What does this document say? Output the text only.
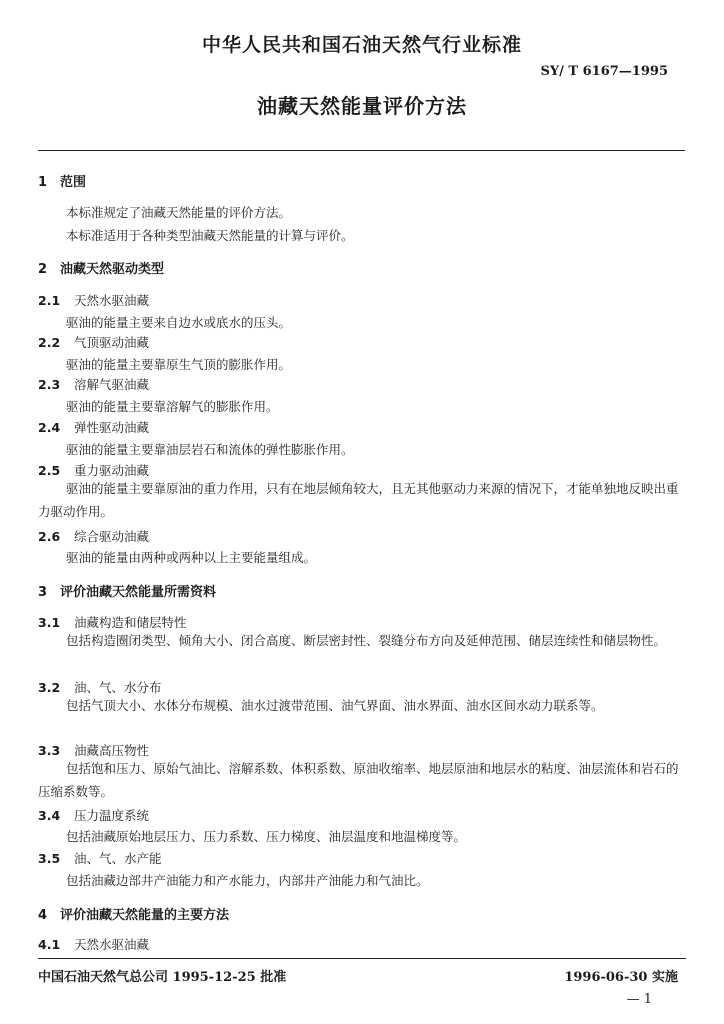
中华人民共和国石油天然气行业标准
SY/ T 6167—1995
油藏天然能量评价方法
1 范围
本标准规定了油藏天然能量的评价方法。
本标准适用于各种类型油藏天然能量的计算与评价。
2 油藏天然驱动类型
2.1 天然水驱油藏
驱油的能量主要来自边水或底水的压头。
2.2 气顶驱动油藏
驱油的能量主要靠原生气顶的膨胀作用。
2.3 溶解气驱油藏
驱油的能量主要靠溶解气的膨胀作用。
2.4 弹性驱动油藏
驱油的能量主要靠油层岩石和流体的弹性膨胀作用。
2.5 重力驱动油藏
驱油的能量主要靠原油的重力作用，只有在地层倾角较大，且无其他驱动力来源的情况下，才能单独地反映出重力驱动作用。
2.6 综合驱动油藏
驱油的能量由两种或两种以上主要能量组成。
3 评价油藏天然能量所需资料
3.1 油藏构造和储层特性
包括构造圈闭类型、倾角大小、闭合高度、断层密封性、裂缝分布方向及延伸范围、储层连续性和储层物性。
3.2 油、气、水分布
包括气顶大小、水体分布规模、油水过渡带范围、油气界面、油水界面、油水区间水动力联系等。
3.3 油藏高压物性
包括饱和压力、原始气油比、溶解系数、体积系数、原油收缩率、地层原油和地层水的粘度、油层流体和岩石的压缩系数等。
3.4 压力温度系统
包括油藏原始地层压力、压力系数、压力梯度、油层温度和地温梯度等。
3.5 油、气、水产能
包括油藏边部井产油能力和产水能力，内部井产油能力和气油比。
4 评价油藏天然能量的主要方法
4.1 天然水驱油藏
中国石油天然气总公司 1995-12-25 批准	1996-06-30 实施
— 1
